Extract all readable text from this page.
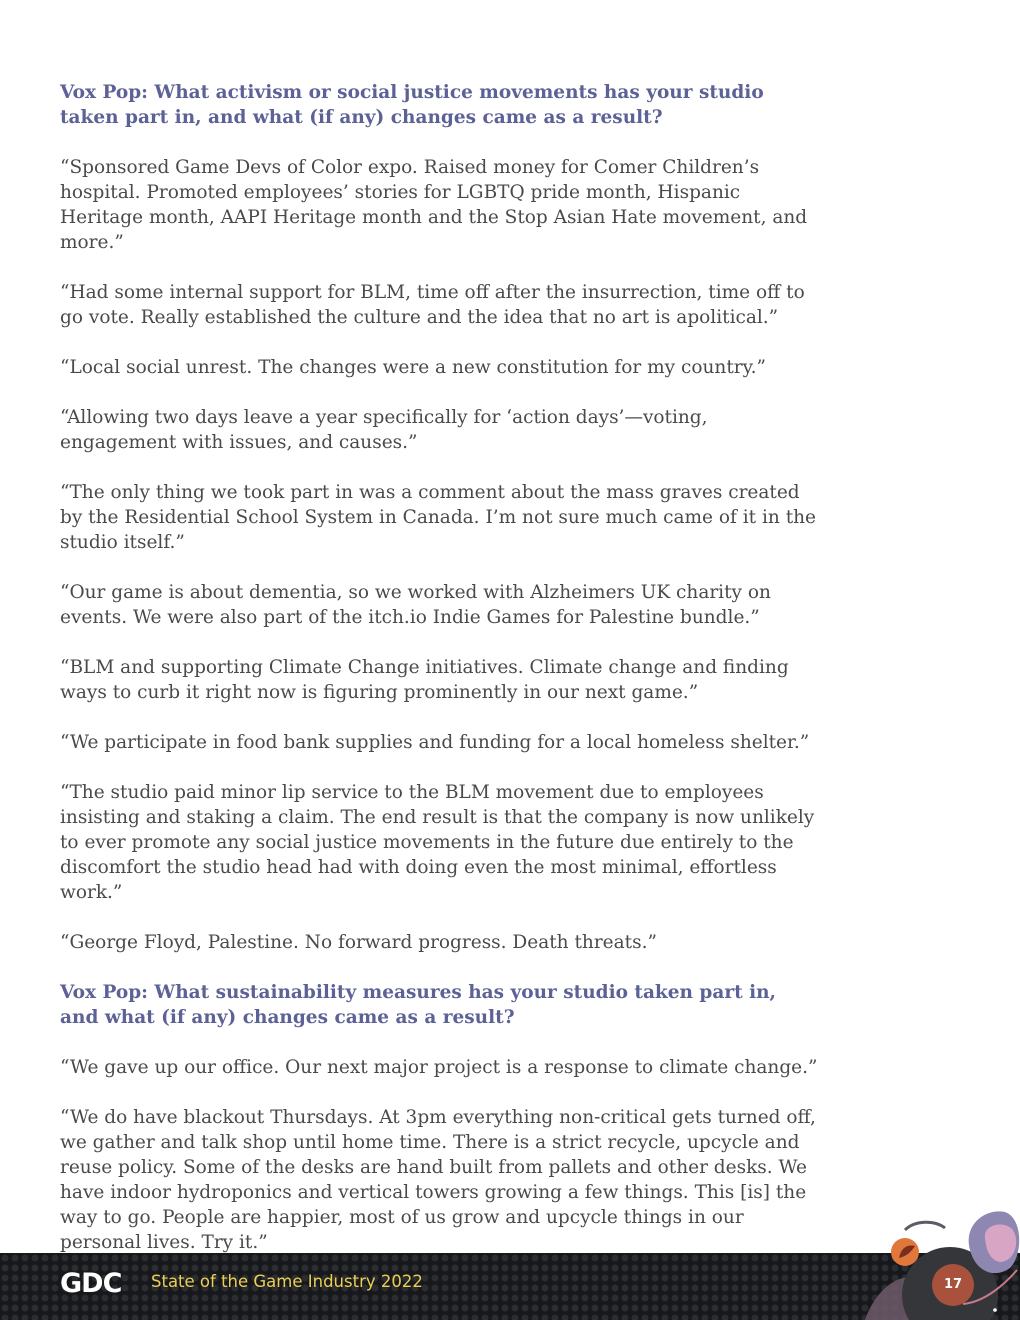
Vox Pop: What activism or social justice movements has your studio taken part in, and what (if any) changes came as a result?

“Sponsored Game Devs of Color expo. Raised money for Comer Children’s hospital. Promoted employees’ stories for LGBTQ pride month, Hispanic Heritage month, AAPI Heritage month and the Stop Asian Hate movement, and more.”

“Had some internal support for BLM, time off after the insurrection, time off to go vote. Really established the culture and the idea that no art is apolitical.”

“Local social unrest. The changes were a new constitution for my country.”

“Allowing two days leave a year specifically for ‘action days’—voting, engagement with issues, and causes.”

“The only thing we took part in was a comment about the mass graves created by the Residential School System in Canada. I’m not sure much came of it in the studio itself.”

“Our game is about dementia, so we worked with Alzheimers UK charity on events. We were also part of the itch.io Indie Games for Palestine bundle.”

“BLM and supporting Climate Change initiatives. Climate change and finding ways to curb it right now is figuring prominently in our next game.”

“We participate in food bank supplies and funding for a local homeless shelter.”

“The studio paid minor lip service to the BLM movement due to employees insisting and staking a claim. The end result is that the company is now unlikely to ever promote any social justice movements in the future due entirely to the discomfort the studio head had with doing even the most minimal, effortless work.”

“George Floyd, Palestine. No forward progress. Death threats.”

Vox Pop: What sustainability measures has your studio taken part in, and what (if any) changes came as a result?

“We gave up our office. Our next major project is a response to climate change.”

“We do have blackout Thursdays. At 3pm everything non-critical gets turned off, we gather and talk shop until home time. There is a strict recycle, upcycle and reuse policy. Some of the desks are hand built from pallets and other desks. We have indoor hydroponics and vertical towers growing a few things. This [is] the way to go. People are happier, most of us grow and upcycle things in our personal lives. Try it.”

GDC State of the Game Industry 2022	17
